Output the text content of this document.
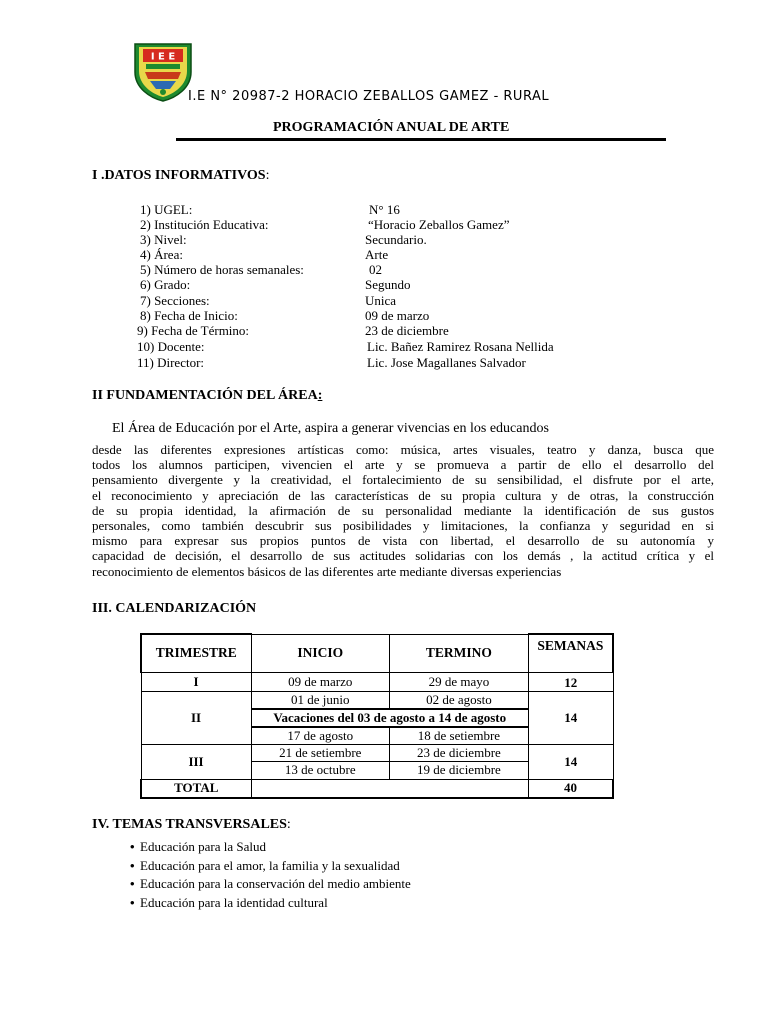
I E E
I.E N° 20987-2 HORACIO ZEBALLOS GAMEZ - RURAL
PROGRAMACIÓN ANUAL DE ARTE
I .DATOS INFORMATIVOS:
1) UGEL:	N° 16
2) Institución Educativa:	“Horacio Zeballos Gamez”
3) Nivel:	Secundario.
4) Área:	Arte
5) Número de horas semanales:	02
6) Grado:	Segundo
7) Secciones:	Unica
8) Fecha de Inicio:	09 de marzo
9) Fecha de Término:	23 de diciembre
10) Docente:	Lic. Bañez Ramirez Rosana Nellida
11) Director:	Lic. Jose Magallanes Salvador
II FUNDAMENTACIÓN DEL ÁREA:
El Área de Educación por el Arte, aspira a generar vivencias en los educandos
desde las diferentes expresiones artísticas como: música, artes visuales, teatro y danza, busca que
todos los alumnos participen, vivencien el arte y se promueva a partir de ello el desarrollo del
pensamiento divergente y la creatividad, el fortalecimiento de su sensibilidad, el disfrute por el arte,
el reconocimiento y apreciación de las características de su propia cultura y de otras, la construcción
de su propia identidad, la afirmación de su personalidad mediante la identificación de sus gustos
personales, como también descubrir sus posibilidades y limitaciones, la confianza y seguridad en si
mismo para expresar sus propios puntos de vista con libertad, el desarrollo de su autonomía y
capacidad de decisión, el desarrollo de sus actitudes solidarias con los demás , la actitud crítica y el
reconocimiento de elementos básicos de las diferentes arte mediante diversas experiencias
III. CALENDARIZACIÓN
TRIMESTRE	INICIO	TERMINO	SEMANAS
I	09 de marzo	29 de mayo	12
II	01 de junio	02 de agosto	14
	Vacaciones del 03 de agosto a 14 de agosto		
	17 de agosto	18 de setiembre	
III	21 de setiembre	23 de diciembre	14
	13 de octubre	19 de diciembre	
TOTAL			40
IV. TEMAS TRANSVERSALES:
• Educación para la Salud
• Educación para el amor, la familia y la sexualidad
• Educación para la conservación del medio ambiente
• Educación para la identidad cultural
